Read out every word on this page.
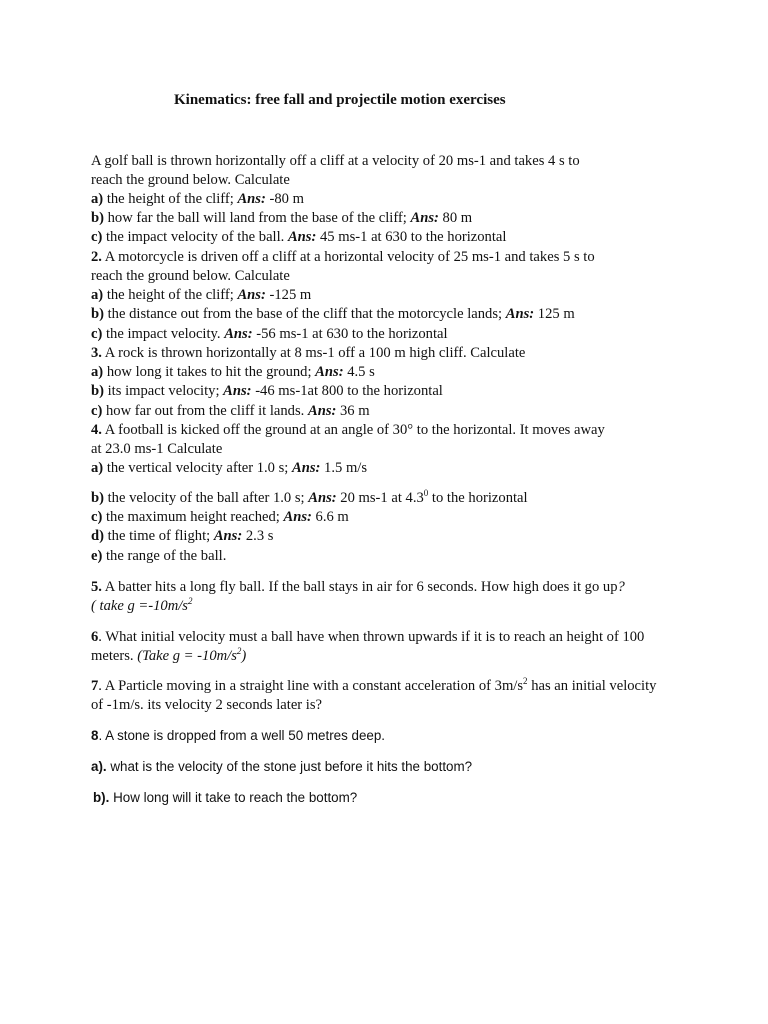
Kinematics: free fall and projectile motion exercises
A golf ball is thrown horizontally off a cliff at a velocity of 20 ms-1 and takes 4 s to
reach the ground below. Calculate
a) the height of the cliff; Ans: -80 m
b) how far the ball will land from the base of the cliff; Ans: 80 m
c) the impact velocity of the ball. Ans: 45 ms-1 at 630 to the horizontal
2. A motorcycle is driven off a cliff at a horizontal velocity of 25 ms-1 and takes 5 s to
reach the ground below. Calculate
a) the height of the cliff; Ans: -125 m
b) the distance out from the base of the cliff that the motorcycle lands; Ans: 125 m
c) the impact velocity. Ans: -56 ms-1 at 630 to the horizontal
3. A rock is thrown horizontally at 8 ms-1 off a 100 m high cliff. Calculate
a) how long it takes to hit the ground; Ans: 4.5 s
b) its impact velocity; Ans: -46 ms-1at 800 to the horizontal
c) how far out from the cliff it lands. Ans: 36 m
4. A football is kicked off the ground at an angle of 30° to the horizontal. It moves away
at 23.0 ms-1 Calculate
a) the vertical velocity after 1.0 s; Ans: 1.5 m/s
b) the velocity of the ball after 1.0 s; Ans: 20 ms-1 at $4.3^0$ to the horizontal
c) the maximum height reached; Ans: 6.6 m
d) the time of flight; Ans: 2.3 s
e) the range of the ball.
5. A batter hits a long fly ball. If the ball stays in air for 6 seconds. How high does it go up?
( take $g =-10m/s^2$
6. What initial velocity must a ball have when thrown upwards if it is to reach an height of 100
meters. (Take $g = -10m/s^2$)
7. A Particle moving in a straight line with a constant acceleration of $3m/s^2$ has an initial velocity
of -1m/s. its velocity 2 seconds later is?
8. A stone is dropped from a well 50 metres deep.
a). what is the velocity of the stone just before it hits the bottom?
b). How long will it take to reach the bottom?
